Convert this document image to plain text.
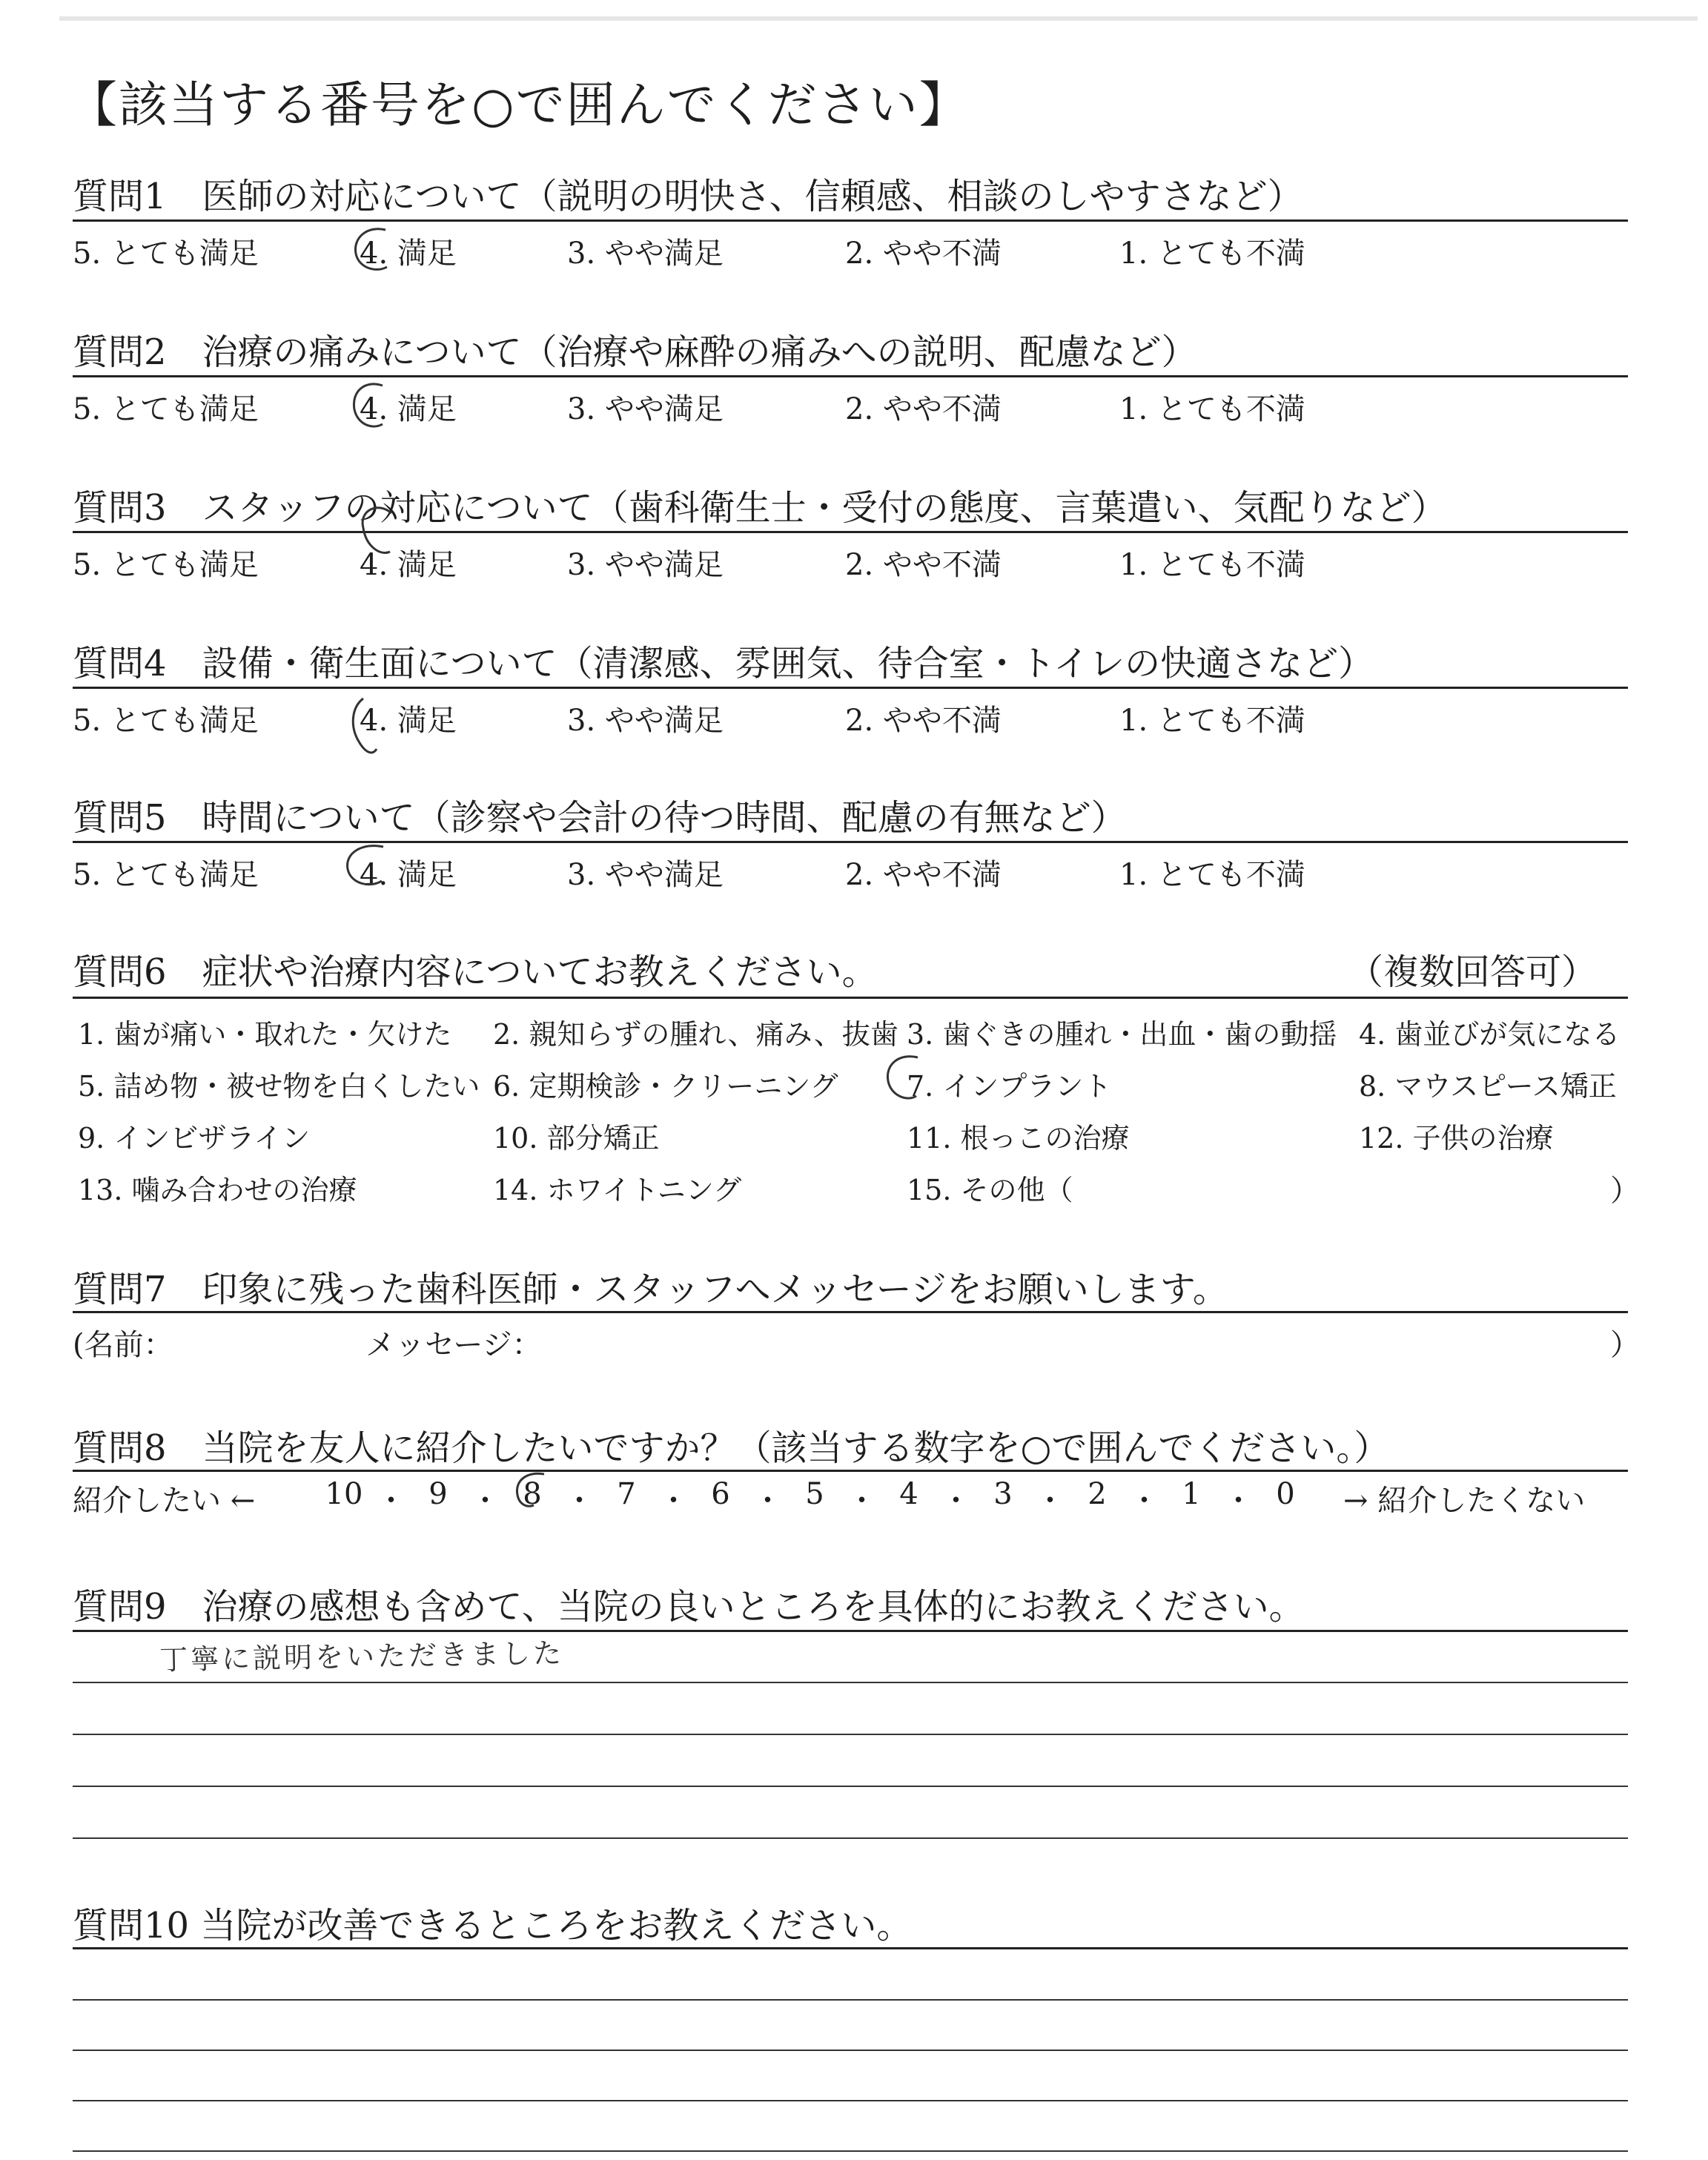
【該当する番号を○で囲んでください】
質問1　医師の対応について（説明の明快さ、信頼感、相談のしやすさなど）
5. とても満足	4. 満足	3. やや満足	2. やや不満	1. とても不満
質問2　治療の痛みについて（治療や麻酔の痛みへの説明、配慮など）
5. とても満足	4. 満足	3. やや満足	2. やや不満	1. とても不満
質問3　スタッフの対応について（歯科衛生士・受付の態度、言葉遣い、気配りなど）
5. とても満足	4. 満足	3. やや満足	2. やや不満	1. とても不満
質問4　設備・衛生面について（清潔感、雰囲気、待合室・トイレの快適さなど）
5. とても満足	4. 満足	3. やや満足	2. やや不満	1. とても不満
質問5　時間について（診察や会計の待つ時間、配慮の有無など）
5. とても満足	4. 満足	3. やや満足	2. やや不満	1. とても不満
質問6　症状や治療内容についてお教えください。	（複数回答可）
1. 歯が痛い・取れた・欠けた 2. 親知らずの腫れ、痛み、抜歯 3. 歯ぐきの腫れ・出血・歯の動揺 4. 歯並びが気になる
5. 詰め物・被せ物を白くしたい 6. 定期検診・クリーニング 7. インプラント	8. マウスピース矯正
9. インビザライン	10. 部分矯正	11. 根っこの治療	12. 子供の治療
13. 噛み合わせの治療	14. ホワイトニング	15. その他（	）
質問7　印象に残った歯科医師・スタッフへメッセージをお願いします。
(名前：	メッセージ：	）
質問8　当院を友人に紹介したいですか？（該当する数字を○で囲んでください。）
紹介したい ←	→ 紹介したくない
10 ・ 9 ・ 8 ・ 7 ・ 6 ・ 5 ・ 4 ・ 3 ・ 2 ・ 1 ・ 0
質問9　治療の感想も含めて、当院の良いところを具体的にお教えください。
丁寧に説明をいただきました
質問10 当院が改善できるところをお教えください。
